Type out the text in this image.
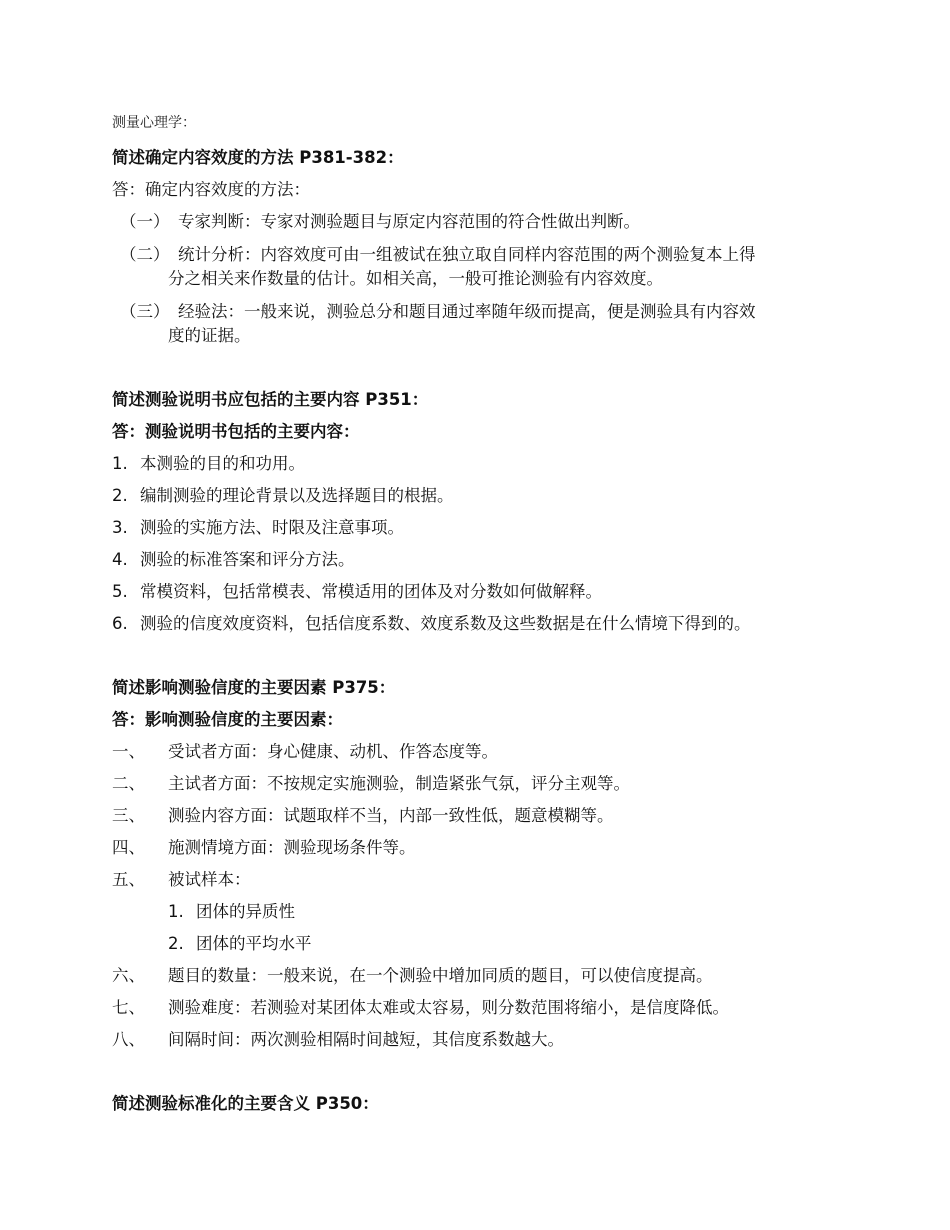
测量心理学：
简述确定内容效度的方法 P381-382：
答：确定内容效度的方法：
（一） 专家判断：专家对测验题目与原定内容范围的符合性做出判断。
（二） 统计分析：内容效度可由一组被试在独立取自同样内容范围的两个测验复本上得
分之相关来作数量的估计。如相关高，一般可推论测验有内容效度。
（三） 经验法：一般来说，测验总分和题目通过率随年级而提高，便是测验具有内容效
度的证据。
简述测验说明书应包括的主要内容 P351：
答：测验说明书包括的主要内容：
1. 本测验的目的和功用。
2. 编制测验的理论背景以及选择题目的根据。
3. 测验的实施方法、时限及注意事项。
4. 测验的标准答案和评分方法。
5. 常模资料，包括常模表、常模适用的团体及对分数如何做解释。
6. 测验的信度效度资料，包括信度系数、效度系数及这些数据是在什么情境下得到的。
简述影响测验信度的主要因素 P375：
答：影响测验信度的主要因素：
一、 受试者方面：身心健康、动机、作答态度等。
二、 主试者方面：不按规定实施测验，制造紧张气氛，评分主观等。
三、 测验内容方面：试题取样不当，内部一致性低，题意模糊等。
四、 施测情境方面：测验现场条件等。
五、 被试样本：
1. 团体的异质性
2. 团体的平均水平
六、 题目的数量：一般来说，在一个测验中增加同质的题目，可以使信度提高。
七、 测验难度：若测验对某团体太难或太容易，则分数范围将缩小，是信度降低。
八、 间隔时间：两次测验相隔时间越短，其信度系数越大。
简述测验标准化的主要含义 P350：
